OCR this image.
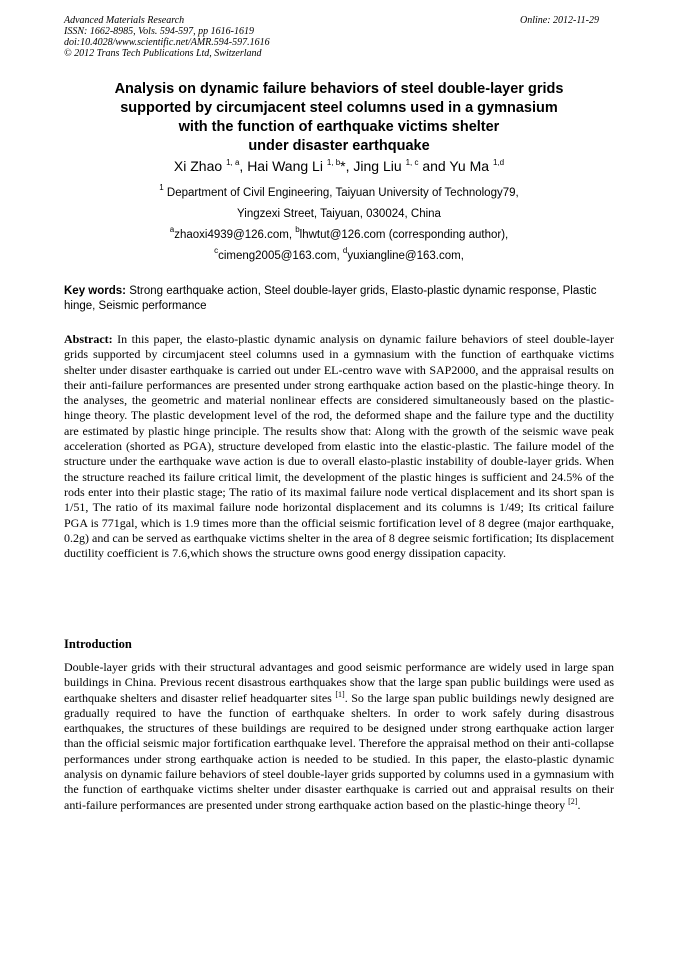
Advanced Materials Research
ISSN: 1662-8985, Vols. 594-597, pp 1616-1619
doi:10.4028/www.scientific.net/AMR.594-597.1616
© 2012 Trans Tech Publications Ltd, Switzerland
Online: 2012-11-29
Analysis on dynamic failure behaviors of steel double-layer grids
supported by circumjacent steel columns used in a gymnasium
with the function of earthquake victims shelter
under disaster earthquake
Xi Zhao $^{1, a}$, Hai Wang Li $^{1, b}$*, Jing Liu $^{1, c}$ and Yu Ma $^{1,d}$
$^1$ Department of Civil Engineering, Taiyuan University of Technology79,
Yingzexi Street, Taiyuan, 030024, China
$^a$zhaoxi4939@126.com, $^b$lhwtut@126.com (corresponding author),
$^c$cimeng2005@163.com, $^d$yuxiangline@163.com,
Key words: Strong earthquake action, Steel double-layer grids, Elasto-plastic dynamic response, Plastic hinge, Seismic performance
Abstract: In this paper, the elasto-plastic dynamic analysis on dynamic failure behaviors of steel double-layer grids supported by circumjacent steel columns used in a gymnasium with the function of earthquake victims shelter under disaster earthquake is carried out under EL-centro wave with SAP2000, and the appraisal results on their anti-failure performances are presented under strong earthquake action based on the plastic-hinge theory. In the analyses, the geometric and material nonlinear effects are considered simultaneously based on the plastic-hinge theory. The plastic development level of the rod, the deformed shape and the failure type and the ductility are estimated by plastic hinge principle. The results show that: Along with the growth of the seismic wave peak acceleration (shorted as PGA), structure developed from elastic into the elastic-plastic. The failure model of the structure under the earthquake wave action is due to overall elasto-plastic instability of double-layer grids. When the structure reached its failure critical limit, the development of the plastic hinges is sufficient and 24.5% of the rods enter into their plastic stage; The ratio of its maximal failure node vertical displacement and its short span is 1/51, The ratio of its maximal failure node horizontal displacement and its columns is 1/49; Its critical failure PGA is 771gal, which is 1.9 times more than the official seismic fortification level of 8 degree (major earthquake, 0.2g) and can be served as earthquake victims shelter in the area of 8 degree seismic fortification; Its displacement ductility coefficient is 7.6,which shows the structure owns good energy dissipation capacity.
Introduction
Double-layer grids with their structural advantages and good seismic performance are widely used in large span buildings in China. Previous recent disastrous earthquakes show that the large span public buildings were used as earthquake shelters and disaster relief headquarter sites [1]. So the large span public buildings newly designed are gradually required to have the function of earthquake shelters. In order to work safely during disastrous earthquakes, the structures of these buildings are required to be designed under strong earthquake action larger than the official seismic major fortification earthquake level. Therefore the appraisal method on their anti-collapse performances under strong earthquake action is needed to be studied. In this paper, the elasto-plastic dynamic analysis on dynamic failure behaviors of steel double-layer grids supported by columns used in a gymnasium with the function of earthquake victims shelter under disaster earthquake is carried out and appraisal results on their anti-failure performances are presented under strong earthquake action based on the plastic-hinge theory [2].
